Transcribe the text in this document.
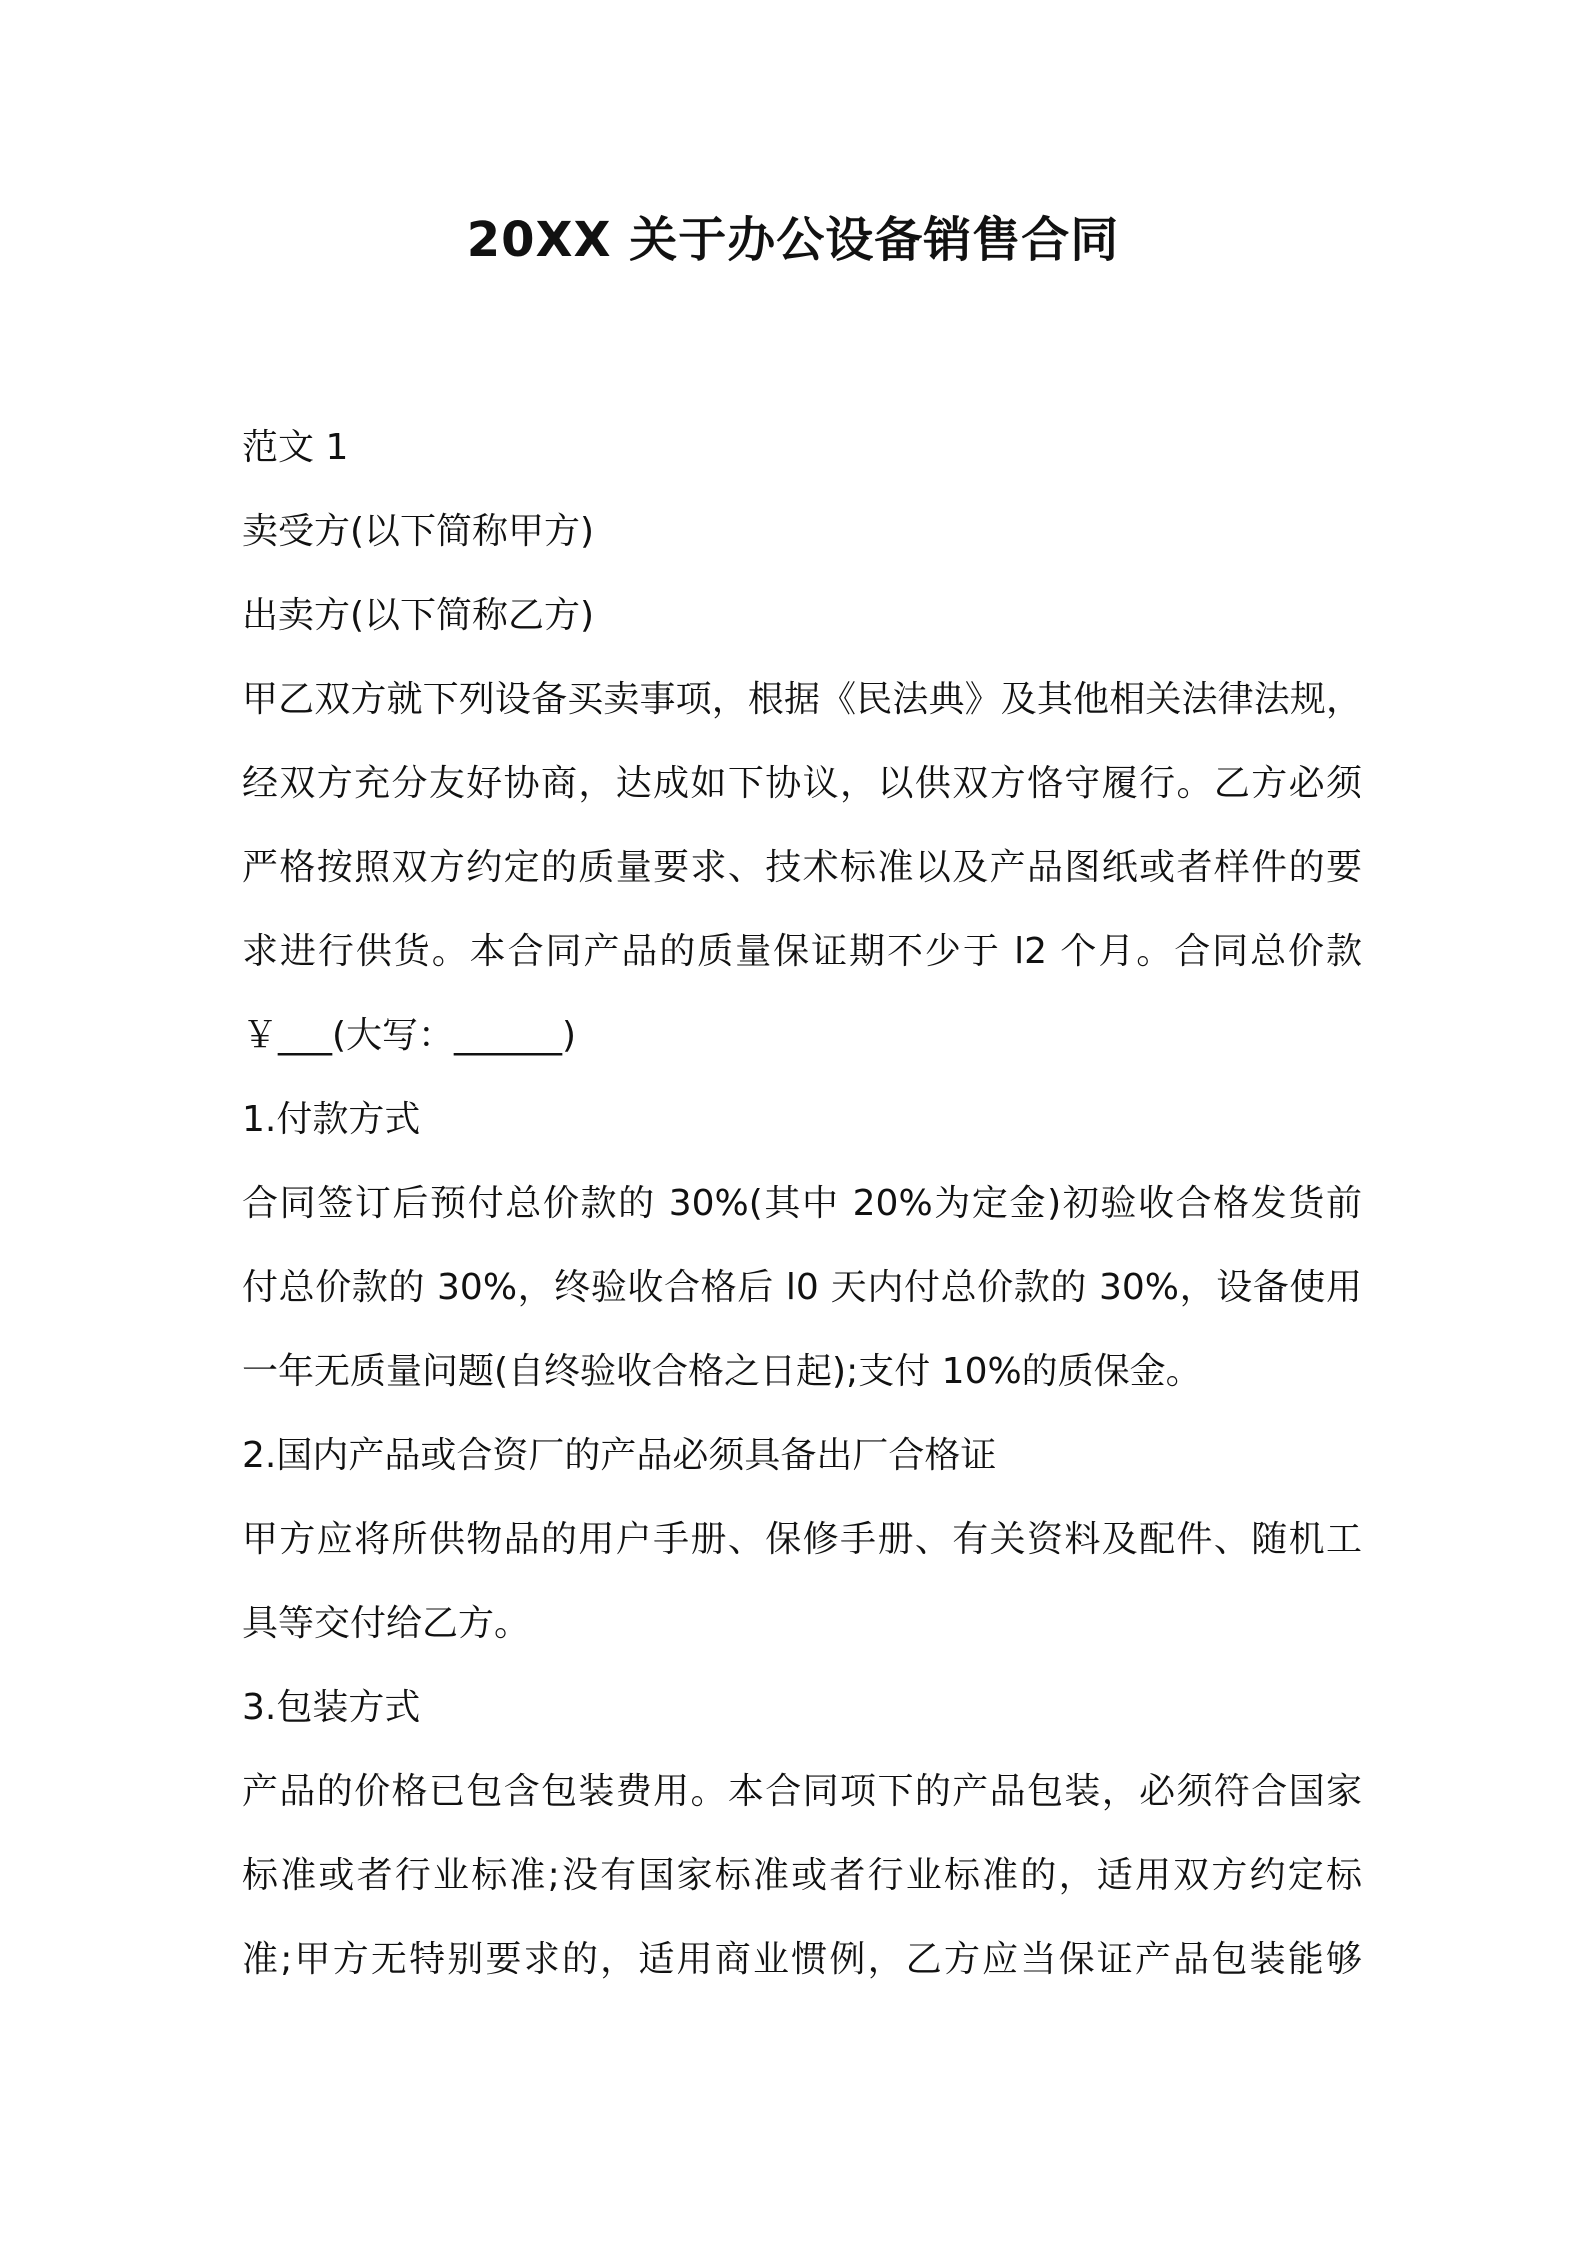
20XX 关于办公设备销售合同

范文 1

卖受方(以下简称甲方)

出卖方(以下简称乙方)

甲乙双方就下列设备买卖事项，根据《民法典》及其他相关法律法规，

经双方充分友好协商，达成如下协议，以供双方恪守履行。乙方必须

严格按照双方约定的质量要求、技术标准以及产品图纸或者样件的要

求进行供货。本合同产品的质量保证期不少于 l2 个月。合同总价款

￥___(大写：______)

1.付款方式

合同签订后预付总价款的 30%(其中 20%为定金)初验收合格发货前

付总价款的 30%，终验收合格后 l0 天内付总价款的 30%，设备使用

一年无质量问题(自终验收合格之日起);支付 10%的质保金。

2.国内产品或合资厂的产品必须具备出厂合格证

甲方应将所供物品的用户手册、保修手册、有关资料及配件、随机工

具等交付给乙方。

3.包装方式

产品的价格已包含包装费用。本合同项下的产品包装，必须符合国家

标准或者行业标准;没有国家标准或者行业标准的，适用双方约定标

准;甲方无特别要求的，适用商业惯例，乙方应当保证产品包装能够
